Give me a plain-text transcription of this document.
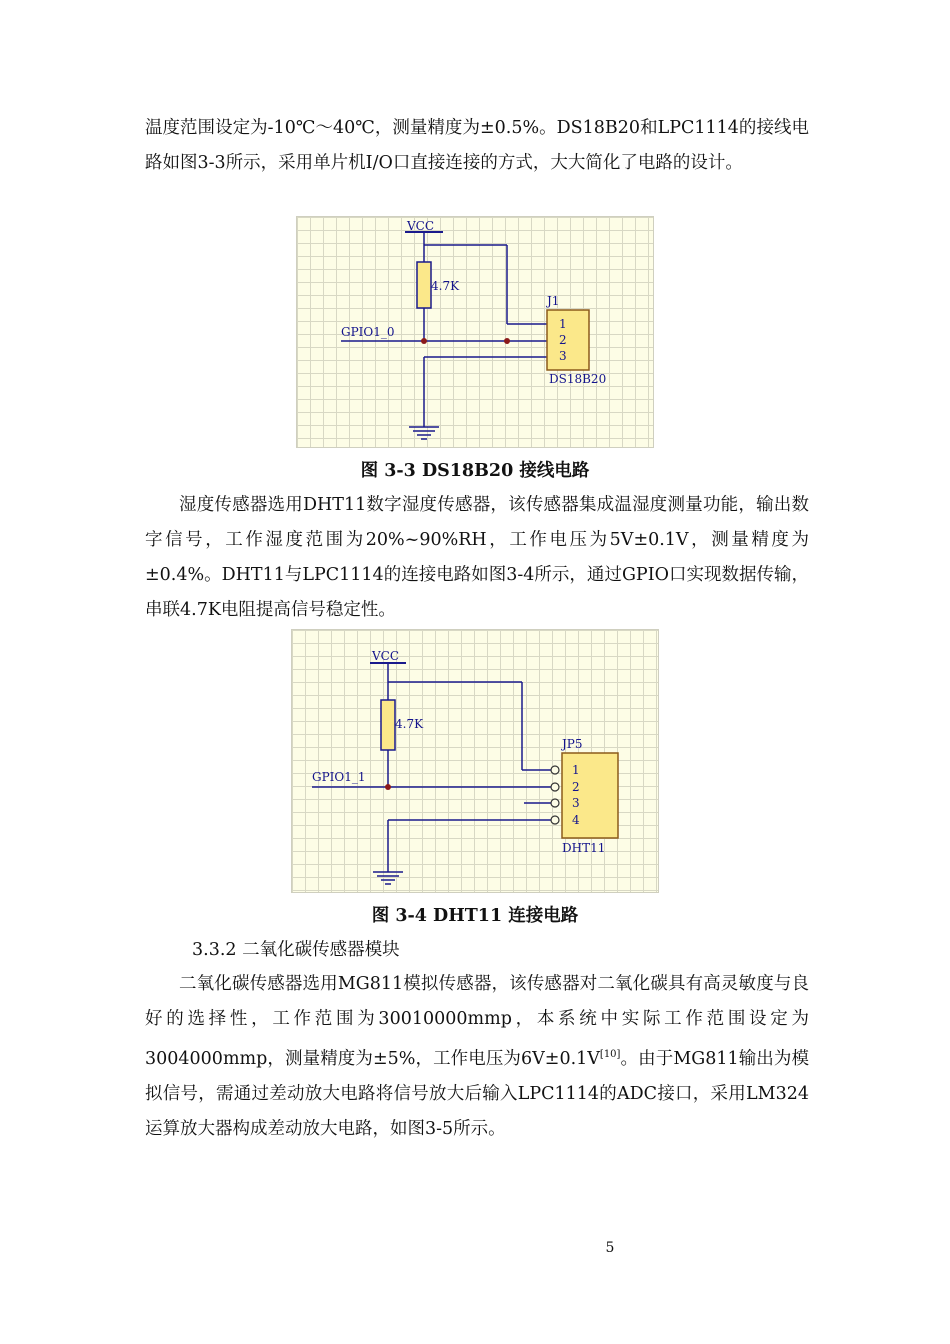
温度范围设定为-10℃～40℃，测量精度为±0.5%。DS18B20和LPC1114的接线电路如图3-3所示，采用单片机I/O口直接连接的方式，大大简化了电路的设计。

VCC
4.7K
GPIO1_0
J1
1
2
3
DS18B20

图 3-3 DS18B20 接线电路

湿度传感器选用DHT11数字湿度传感器，该传感器集成温湿度测量功能，输出数字信号，工作湿度范围为20%~90%RH，工作电压为5V±0.1V，测量精度为±0.4%。DHT11与LPC1114的连接电路如图3-4所示，通过GPIO口实现数据传输，串联4.7K电阻提高信号稳定性。

VCC
4.7K
GPIO1_1
JP5
1
2
3
4
DHT11

图 3-4 DHT11 连接电路

3.3.2 二氧化碳传感器模块

二氧化碳传感器选用MG811模拟传感器，该传感器对二氧化碳具有高灵敏度与良好的选择性，工作范围为30010000mmp，本系统中实际工作范围设定为3004000mmp，测量精度为±5%，工作电压为6V±0.1V[10]。由于MG811输出为模拟信号，需通过差动放大电路将信号放大后输入LPC1114的ADC接口，采用LM324运算放大器构成差动放大电路，如图3-5所示。

5
